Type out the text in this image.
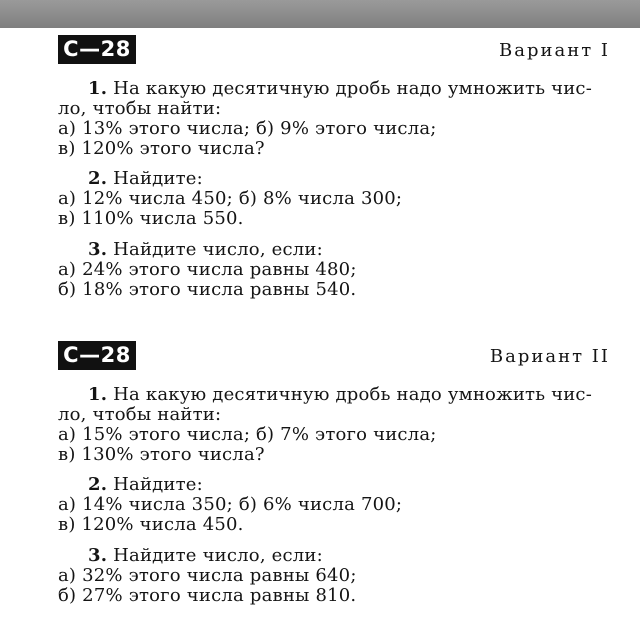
С—28	Вариант I
1. На какую десятичную дробь надо умножить чис-
ло, чтобы найти:
а) 13% этого числа; б) 9% этого числа;
в) 120% этого числа?
2. Найдите:
а) 12% числа 450; б) 8% числа 300;
в) 110% числа 550.
3. Найдите число, если:
а) 24% этого числа равны 480;
б) 18% этого числа равны 540.
С—28	Вариант II
1. На какую десятичную дробь надо умножить чис-
ло, чтобы найти:
а) 15% этого числа; б) 7% этого числа;
в) 130% этого числа?
2. Найдите:
а) 14% числа 350; б) 6% числа 700;
в) 120% числа 450.
3. Найдите число, если:
а) 32% этого числа равны 640;
б) 27% этого числа равны 810.
